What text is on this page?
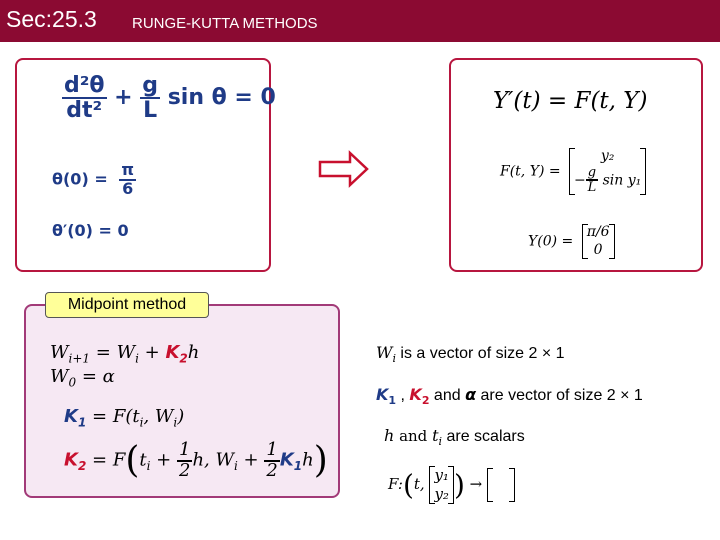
Sec:25.3 RUNGE-KUTTA METHODS
$\frac{\text{d²θ}}{\text{dt²}} + \frac{g}{L}$ sin θ = 0
$\theta(0) = \frac{\pi}{6}$
θ′(0) = 0
Y′(t) = F(t, Y)
F(t, Y) =
y₂
− $\frac{g}{L}$ sin y₁
Y(0) =
π/6
0
Midpoint method
$W_{i+1} = W_i + K_2h$
$W_0 = \alpha$
$K_1 = F(t_i$, $W_i$)
$K_2 = F(t_i + \frac{1}{2} h$, $W_i + \frac{1}{2} K_1h$)
$W_i$ is a vector of size 2 × 1
$K_1$ , $K_2$ and α are vector of size 2 × 1
h and $t_i$ are scalars
F:(t, y₁
y₂ ) →
